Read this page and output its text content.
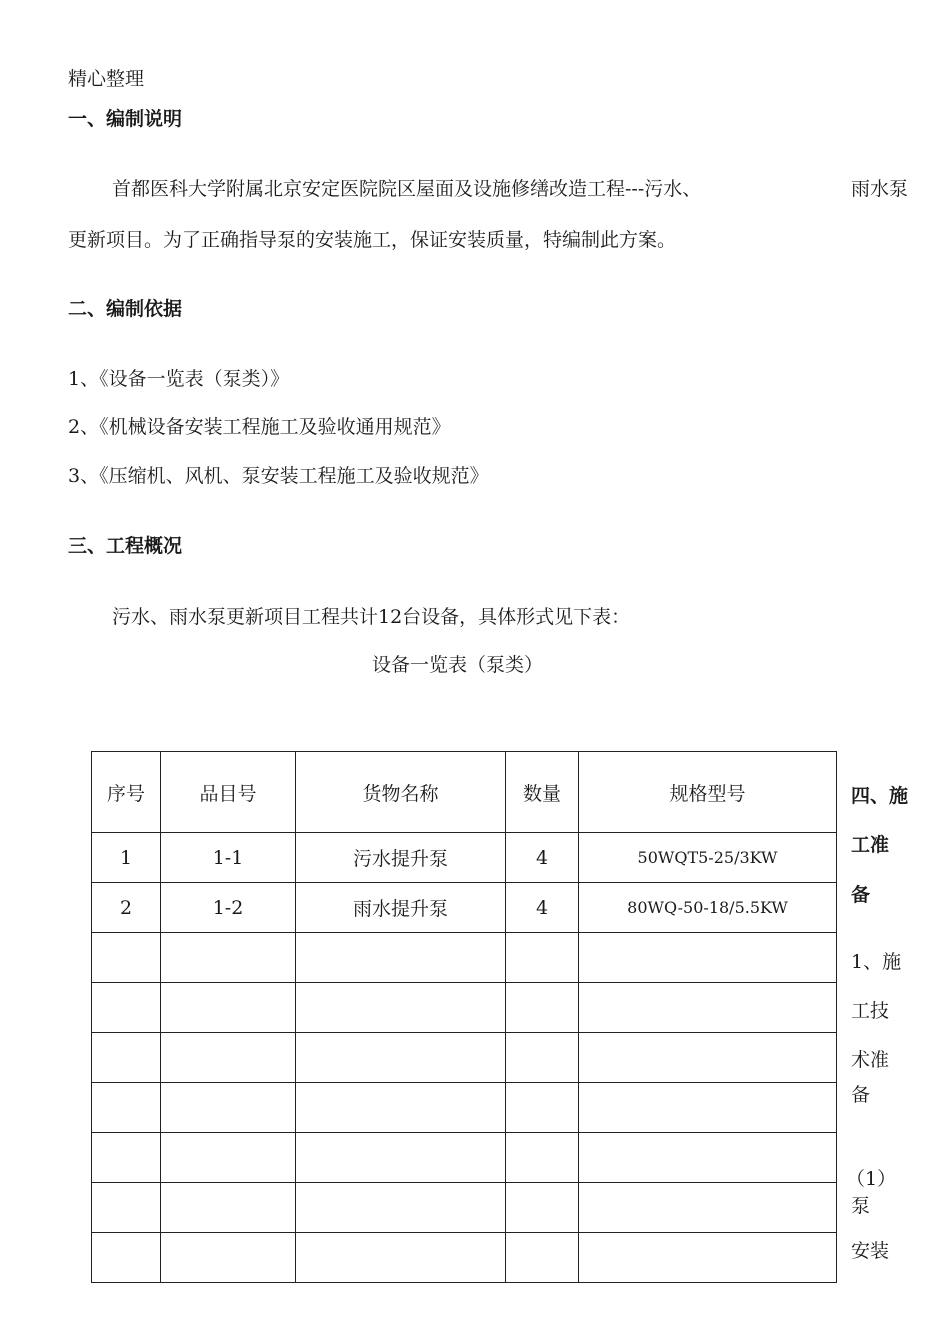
精心整理
一、编制说明
首都医科大学附属北京安定医院院区屋面及设施修缮改造工程---污水、	雨水泵
更新项目。为了正确指导泵的安装施工，保证安装质量，特编制此方案。
二、编制依据
1、《设备一览表（泵类）》
2、《机械设备安装工程施工及验收通用规范》
3、《压缩机、风机、泵安装工程施工及验收规范》
三、工程概况
污水、雨水泵更新项目工程共计12台设备，具体形式见下表：
设备一览表（泵类）
序号	品目号	货物名称	数量	规格型号
1	1-1	污水提升泵	4	50WQT5-25/3KW
2	1-2	雨水提升泵	4	80WQ-50-18/5.5KW

四、施
工准
备
1、施
工技
术准
备
（1）
泵
安装
